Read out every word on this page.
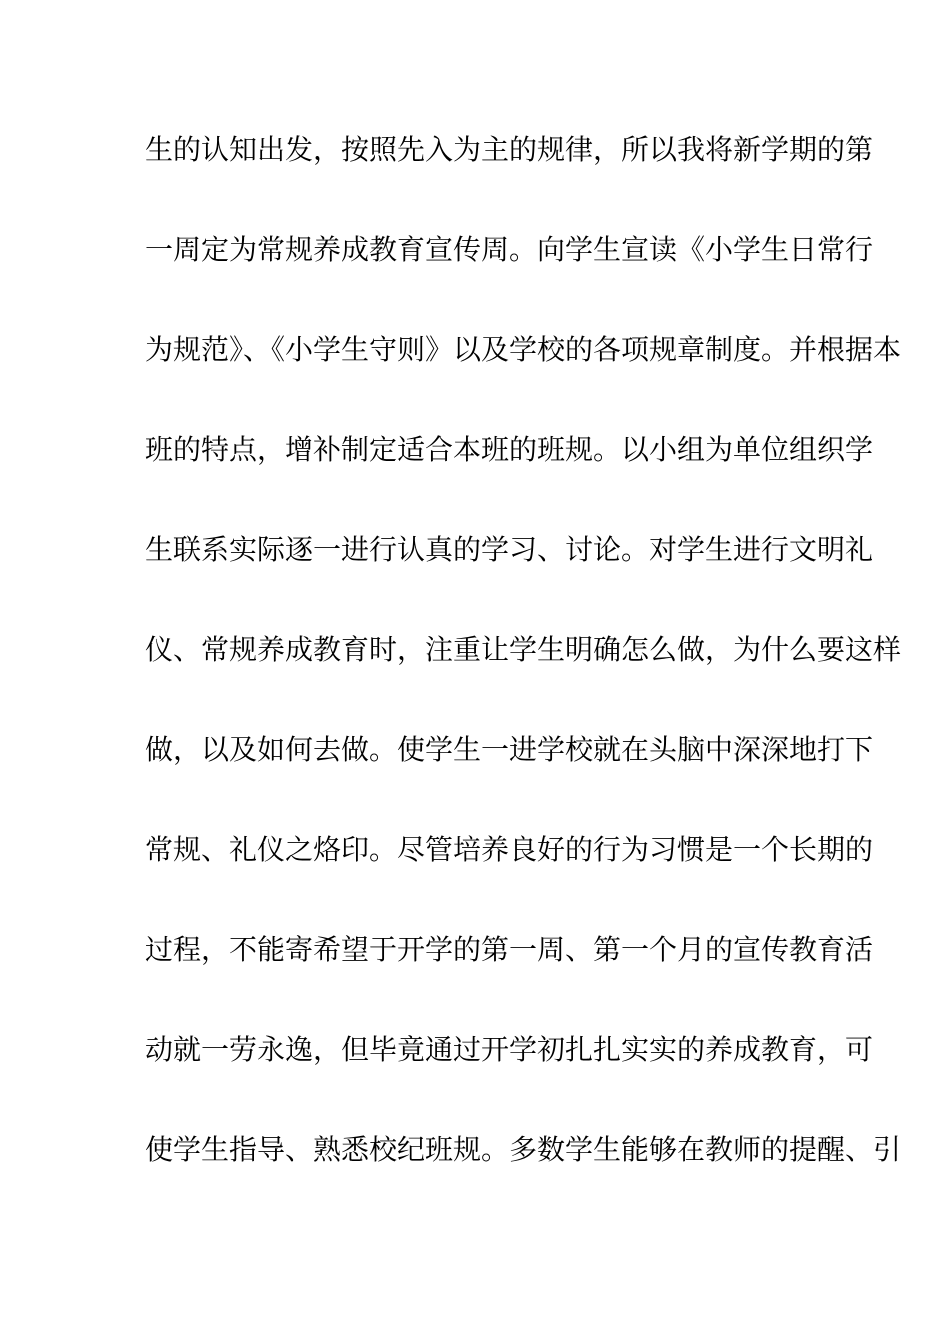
生的认知出发，按照先入为主的规律，所以我将新学期的第
一周定为常规养成教育宣传周。向学生宣读《小学生日常行
为规范》、《小学生守则》以及学校的各项规章制度。并根据本
班的特点，增补制定适合本班的班规。以小组为单位组织学
生联系实际逐一进行认真的学习、讨论。对学生进行文明礼
仪、常规养成教育时，注重让学生明确怎么做，为什么要这样
做，以及如何去做。使学生一进学校就在头脑中深深地打下
常规、礼仪之烙印。尽管培养良好的行为习惯是一个长期的
过程，不能寄希望于开学的第一周、第一个月的宣传教育活
动就一劳永逸，但毕竟通过开学初扎扎实实的养成教育，可
使学生指导、熟悉校纪班规。多数学生能够在教师的提醒、引
